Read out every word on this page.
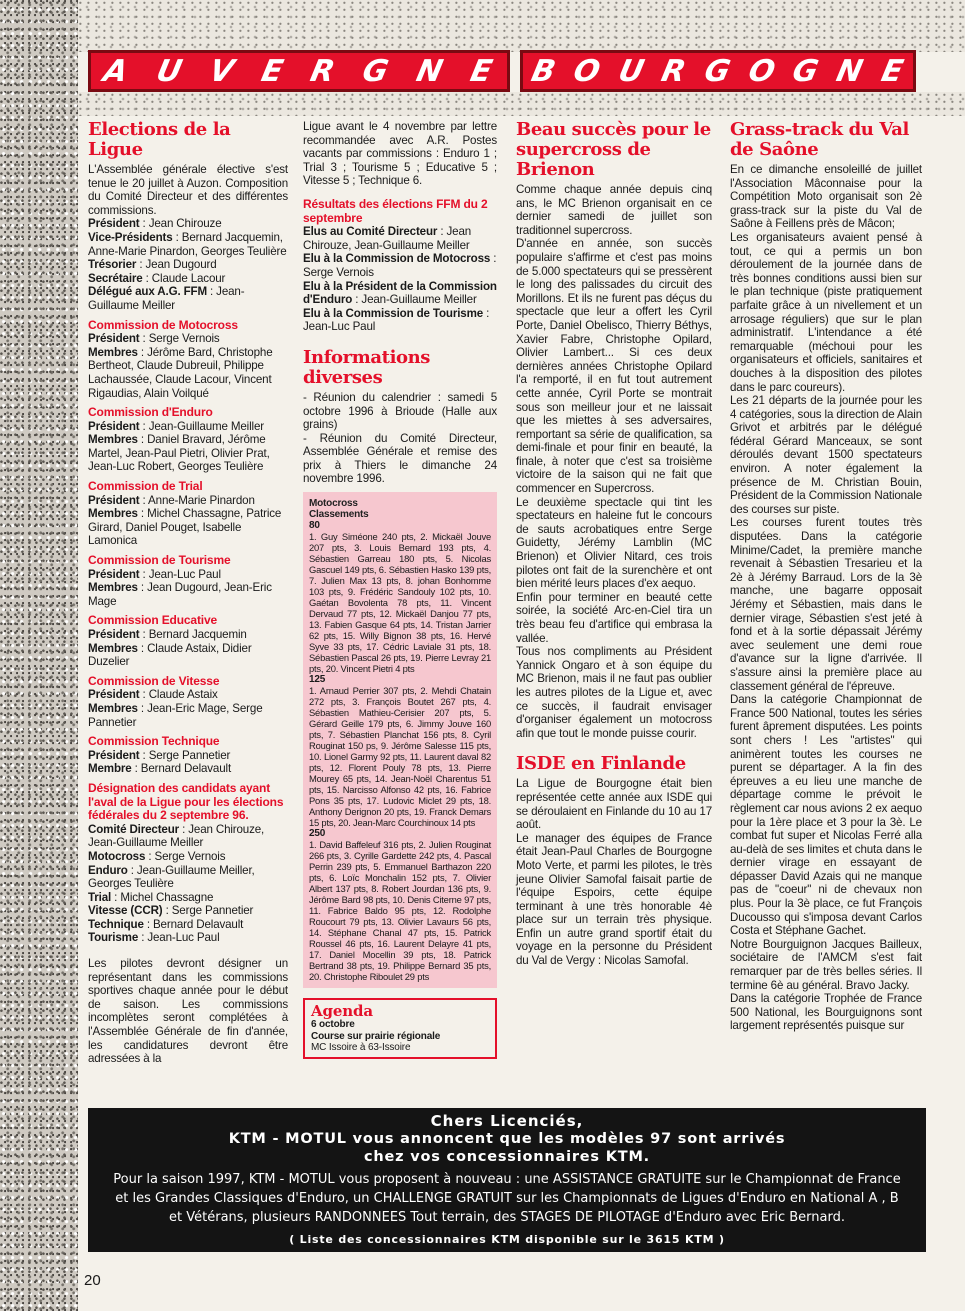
A U V E R G N E B O U R G O G N E
Elections de la Ligue

L'Assemblée générale élective s'est tenue le 20 juillet à Auzon. Composition du Comité Directeur et des différentes commissions.

Président : Jean Chirouze

Vice-Présidents : Bernard Jacquemin, Anne-Marie Pinardon, Georges Teulière

Trésorier : Jean Dugourd

Secrétaire : Claude Lacour

Délégué aux A.G. FFM : Jean-Guillaume Meiller

Commission de Motocross

Président : Serge Vernois

Membres : Jérôme Bard, Christophe Bertheot, Claude Dubreuil, Philippe Lachaussée, Claude Lacour, Vincent Rigaudias, Alain Voilqué

Commission d'Enduro

Président : Jean-Guillaume Meiller

Membres : Daniel Bravard, Jérôme Martel, Jean-Paul Pietri, Olivier Prat, Jean-Luc Robert, Georges Teulière

Commission de Trial

Président : Anne-Marie Pinardon

Membres : Michel Chassagne, Patrice Girard, Daniel Pouget, Isabelle Lamonica

Commission de Tourisme

Président : Jean-Luc Paul

Membres : Jean Dugourd, Jean-Eric Mage

Commission Educative

Président : Bernard Jacquemin

Membres : Claude Astaix, Didier Duzelier

Commission de Vitesse

Président : Claude Astaix

Membres : Jean-Eric Mage, Serge Pannetier

Commission Technique

Président : Serge Pannetier

Membre : Bernard Delavault

Désignation des candidats ayant l'aval de la Ligue pour les élections fédérales du 2 septembre 96.

Comité Directeur : Jean Chirouze, Jean-Guillaume Meiller

Motocross : Serge Vernois

Enduro : Jean-Guillaume Meiller, Georges Teulière

Trial : Michel Chassagne

Vitesse (CCR) : Serge Pannetier

Technique : Bernard Delavault

Tourisme : Jean-Luc Paul

Les pilotes devront désigner un représentant dans les commissions sportives chaque année pour le début de saison. Les commissions incomplètes seront complétées à l'Assemblée Générale de fin d'année, les candidatures devront être adressées à la

Ligue avant le 4 novembre par lettre recommandée avec A.R. Postes vacants par commissions : Enduro 1 ; Trial 3 ; Tourisme 5 ; Educative 5 ; Vitesse 5 ; Technique 6.

Résultats des élections FFM du 2 septembre

Elus au Comité Directeur : Jean Chirouze, Jean-Guillaume Meiller

Elu à la Commission de Motocross : Serge Vernois

Elu à la Président de la Commission d'Enduro : Jean-Guillaume Meiller

Elu à la Commission de Tourisme : Jean-Luc Paul

Informations diverses

- Réunion du calendrier : samedi 5 octobre 1996 à Brioude (Halle aux grains)

- Réunion du Comité Directeur, Assemblée Générale et remise des prix à Thiers le dimanche 24 novembre 1996.

Motocross
Classements
80

1. Guy Siméone 240 pts, 2. Mickaël Jouve 207 pts, 3. Louis Bernard 193 pts, 4. Sébastien Garreau 180 pts, 5. Nicolas Gascuel 149 pts, 6. Sébastien Hasko 139 pts, 7. Julien Max 13 pts, 8. johan Bonhomme 103 pts, 9. Frédéric Sandouly 102 pts, 10. Gaétan Bovolenta 78 pts, 11. Vincent Dervaud 77 pts, 12. Mickaël Danjou 77 pts, 13. Fabien Gasque 64 pts, 14. Tristan Jarrier 62 pts, 15. Willy Bignon 38 pts, 16. Hervé Syve 33 pts, 17. Cédric Laviale 31 pts, 18. Sébastien Pascal 26 pts, 19. Pierre Levray 21 pts, 20. Vincent Pietri 4 pts

125

1. Arnaud Perrier 307 pts, 2. Mehdi Chatain 272 pts, 3. François Boutet 267 pts, 4. Sébastien Mathieu-Cerisier 207 pts, 5. Gérard Geille 179 pts, 6. Jimmy Jouve 160 pts, 7. Sébastien Planchat 156 pts, 8. Cyril Rouginat 150 ps, 9. Jérôme Salesse 115 pts, 10. Lionel Garmy 92 pts, 11. Laurent daval 82 pts, 12. Florent Pouly 78 pts, 13. Pierre Mourey 65 pts, 14. Jean-Noël Charentus 51 pts, 15. Narcisso Alfonso 42 pts, 16. Fabrice Pons 35 pts, 17. Ludovic Miclet 29 pts, 18. Anthony Derignon 20 pts, 19. Franck Demars 15 pts, 20. Jean-Marc Courchinoux 14 pts

250

1. David Baffeleuf 316 pts, 2. Julien Rouginat 266 pts, 3. Cyrille Gardette 242 pts, 4. Pascal Perrin 239 pts, 5. Emmanuel Barthazon 220 pts, 6. Loïc Monchalin 152 pts, 7. Olivier Albert 137 pts, 8. Robert Jourdan 136 pts, 9. Jérôme Bard 98 pts, 10. Denis Citerne 97 pts, 11. Fabrice Baldo 95 pts, 12. Rodolphe Roucourt 79 pts, 13. Olivier Lavaurs 56 pts, 14. Stéphane Chanal 47 pts, 15. Patrick Roussel 46 pts, 16. Laurent Delayre 41 pts, 17. Daniel Mocellin 39 pts, 18. Patrick Bertrand 38 pts, 19. Philippe Bernard 35 pts, 20. Christophe Riboulet 29 pts

Agenda
6 octobre
Course sur prairie régionale
MC Issoire à 63-Issoire
Beau succès pour le supercross de Brienon

Comme chaque année depuis cinq ans, le MC Brienon organisait en ce dernier samedi de juillet son traditionnel supercross.

D'année en année, son succès populaire s'affirme et c'est pas moins de 5.000 spectateurs qui se pressèrent le long des palissades du circuit des Morillons. Et ils ne furent pas déçus du spectacle que leur a offert les Cyril Porte, Daniel Obelisco, Thierry Béthys, Xavier Fabre, Christophe Opilard, Olivier Lambert... Si ces deux dernières années Christophe Opilard l'a remporté, il en fut tout autrement cette année, Cyril Porte se montrait sous son meilleur jour et ne laissait que les miettes à ses adversaires, remportant sa série de qualification, sa demi-finale et pour finir en beauté, la finale, à noter que c'est sa troisième victoire de la saison qui ne fait que commencer en Supercross.

Le deuxième spectacle qui tint les spectateurs en haleine fut le concours de sauts acrobatiques entre Serge Guidetty, Jérémy Lamblin (MC Brienon) et Olivier Nitard, ces trois pilotes ont fait de la surenchère et ont bien mérité leurs places d'ex aequo.

Enfin pour terminer en beauté cette soirée, la société Arc-en-Ciel tira un très beau feu d'artifice qui embrasa la vallée.

Tous nos compliments au Président Yannick Ongaro et à son équipe du MC Brienon, mais il ne faut pas oublier les autres pilotes de la Ligue et, avec ce succès, il faudrait envisager d'organiser également un motocross afin que tout le monde puisse courir.

ISDE en Finlande

La Ligue de Bourgogne était bien représentée cette année aux ISDE qui se déroulaient en Finlande du 10 au 17 août.

Le manager des équipes de France était Jean-Paul Charles de Bourgogne Moto Verte, et parmi les pilotes, le très jeune Olivier Samofal faisait partie de l'équipe Espoirs, cette équipe terminant à une très honorable 4è place sur un terrain très physique. Enfin un autre grand sportif était du voyage en la personne du Président du Val de Vergy : Nicolas Samofal.

Grass-track du Val de Saône

En ce dimanche ensoleillé de juillet l'Association Mâconnaise pour la Compétition Moto organisait son 2è grass-track sur la piste du Val de Saône à Feillens près de Mâcon;

Les organisateurs avaient pensé à tout, ce qui a permis un bon déroulement de la journée dans de très bonnes conditions aussi bien sur le plan technique (piste pratiquement parfaite grâce à un nivellement et un arrosage réguliers) que sur le plan administratif. L'intendance a été remarquable (méchoui pour les organisateurs et officiels, sanitaires et douches à la disposition des pilotes dans le parc coureurs).

Les 21 départs de la journée pour les 4 catégories, sous la direction de Alain Grivot et arbitrés par le délégué fédéral Gérard Manceaux, se sont déroulés devant 1500 spectateurs environ. A noter également la présence de M. Christian Bouin, Président de la Commission Nationale des courses sur piste.

Les courses furent toutes très disputées. Dans la catégorie Minime/Cadet, la première manche revenait à Sébastien Tresarieu et la 2è à Jérémy Barraud. Lors de la 3è manche, une bagarre opposait Jérémy et Sébastien, mais dans le dernier virage, Sébastien s'est jeté à fond et à la sortie dépassait Jérémy avec seulement une demi roue d'avance sur la ligne d'arrivée. Il s'assure ainsi la première place au classement général de l'épreuve.

Dans la catégorie Championnat de France 500 National, toutes les séries furent âprement disputées. Les points sont chers ! Les "artistes" qui animèrent toutes les courses ne purent se départager. A la fin des épreuves a eu lieu une manche de départage comme le prévoit le règlement car nous avions 2 ex aequo pour la 1ère place et 3 pour la 3è. Le combat fut super et Nicolas Ferré alla au-delà de ses limites et chuta dans le dernier virage en essayant de dépasser David Azais qui ne manque pas de "coeur" ni de chevaux non plus. Pour la 3è place, ce fut François Ducousso qui s'imposa devant Carlos Costa et Stéphane Gachet.

Notre Bourguignon Jacques Bailleux, sociétaire de l'AMCM s'est fait remarquer par de très belles séries. Il termine 6è au général. Bravo Jacky.

Dans la catégorie Trophée de France 500 National, les Bourguignons sont largement représentés puisque sur

Chers Licenciés,
KTM - MOTUL vous annoncent que les modèles 97 sont arrivés
chez vos concessionnaires KTM.
Pour la saison 1997, KTM - MOTUL vous proposent à nouveau : une ASSISTANCE GRATUITE sur le Championnat de France et les Grandes Classiques d'Enduro, un CHALLENGE GRATUIT sur les Championnats de Ligues d'Enduro en National A , B et Vétérans, plusieurs RANDONNEES Tout terrain, des STAGES DE PILOTAGE d'Enduro avec Eric Bernard.
( Liste des concessionnaires KTM disponible sur le 3615 KTM )
20
